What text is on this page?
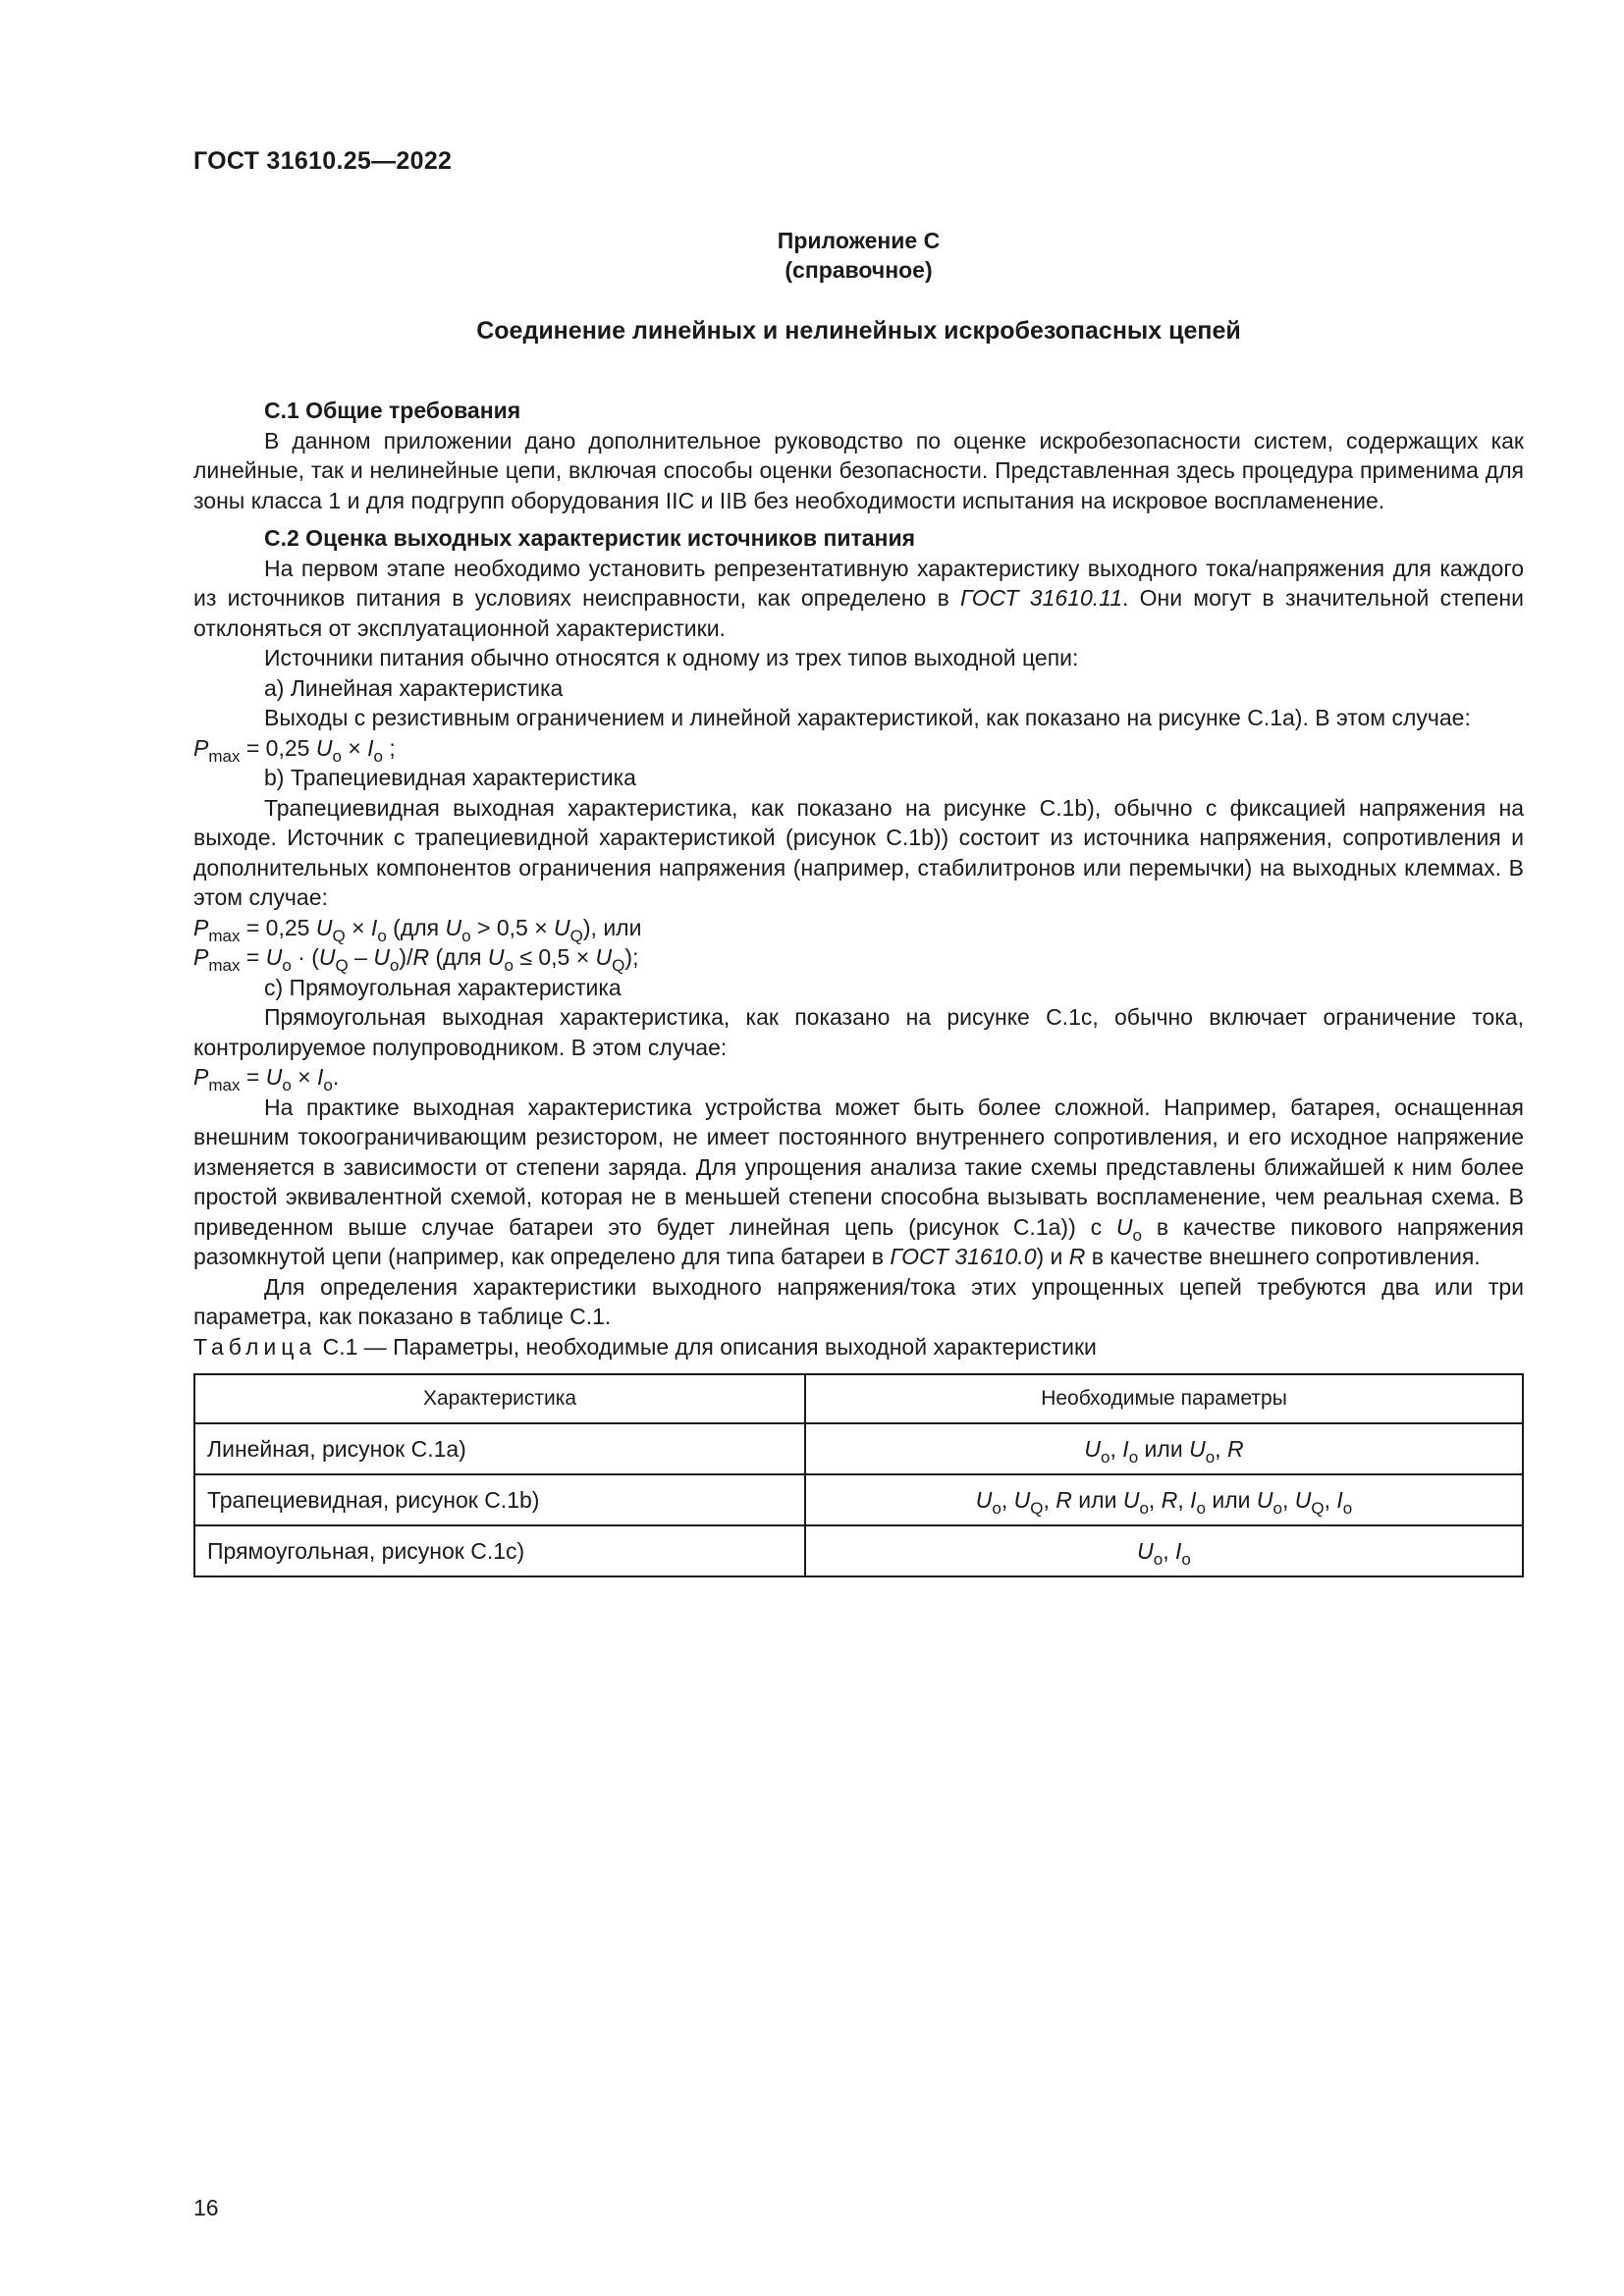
ГОСТ 31610.25—2022
Приложение C
(справочное)
Соединение линейных и нелинейных искробезопасных цепей

C.1 Общие требования

В данном приложении дано дополнительное руководство по оценке искробезопасности систем, содержащих как линейные, так и нелинейные цепи, включая способы оценки безопасности. Представленная здесь процедура применима для зоны класса 1 и для подгрупп оборудования IIC и IIB без необходимости испытания на искровое воспламенение.

C.2 Оценка выходных характеристик источников питания

На первом этапе необходимо установить репрезентативную характеристику выходного тока/напряжения для каждого из источников питания в условиях неисправности, как определено в ГОСТ 31610.11. Они могут в значительной степени отклоняться от эксплуатационной характеристики.

Источники питания обычно относятся к одному из трех типов выходной цепи:

a) Линейная характеристика

Выходы с резистивным ограничением и линейной характеристикой, как показано на рисунке С.1а). В этом случае:

$P_{max} = 0,25$ $U_o \times I_o$ ;

b) Трапециевидная характеристика

Трапециевидная выходная характеристика, как показано на рисунке С.1b), обычно с фиксацией напряжения на выходе. Источник с трапециевидной характеристикой (рисунок С.1b)) состоит из источника напряжения, сопротивления и дополнительных компонентов ограничения напряжения (например, стабилитронов или перемычки) на выходных клеммах. В этом случае:

$P_{max} = 0,25$ $U_Q \times I_o$ (для $U_o > 0,5 \times U_Q$), или

$P_{max} = U_o \cdot (U_Q - U_o)/R$ (для $U_o \le 0,5 \times U_Q$);

c) Прямоугольная характеристика

Прямоугольная выходная характеристика, как показано на рисунке С.1с, обычно включает ограничение тока, контролируемое полупроводником. В этом случае:

$P_{max} = U_o \times I_o$.

На практике выходная характеристика устройства может быть более сложной. Например, батарея, оснащенная внешним токоограничивающим резистором, не имеет постоянного внутреннего сопротивления, и его исходное напряжение изменяется в зависимости от степени заряда. Для упрощения анализа такие схемы представлены ближайшей к ним более простой эквивалентной схемой, которая не в меньшей степени способна вызывать воспламенение, чем реальная схема. В приведенном выше случае батареи это будет линейная цепь (рисунок С.1а)) с $U_o$ в качестве пикового напряжения разомкнутой цепи (например, как определено для типа батареи в ГОСТ 31610.0) и R в качестве внешнего сопротивления.

Для определения характеристики выходного напряжения/тока этих упрощенных цепей требуются два или три параметра, как показано в таблице С.1.

Таблица С.1 — Параметры, необходимые для описания выходной характеристики

Характеристика	Необходимые параметры
Линейная, рисунок С.1а)	$U_o$, $I_o$ или $U_o$, R
Трапециевидная, рисунок С.1b)	$U_o$, $U_Q$, R или $U_o$, R, $I_o$ или $U_o$, $U_Q$, $I_o$
Прямоугольная, рисунок С.1с)	$U_o$, $I_o$
16
